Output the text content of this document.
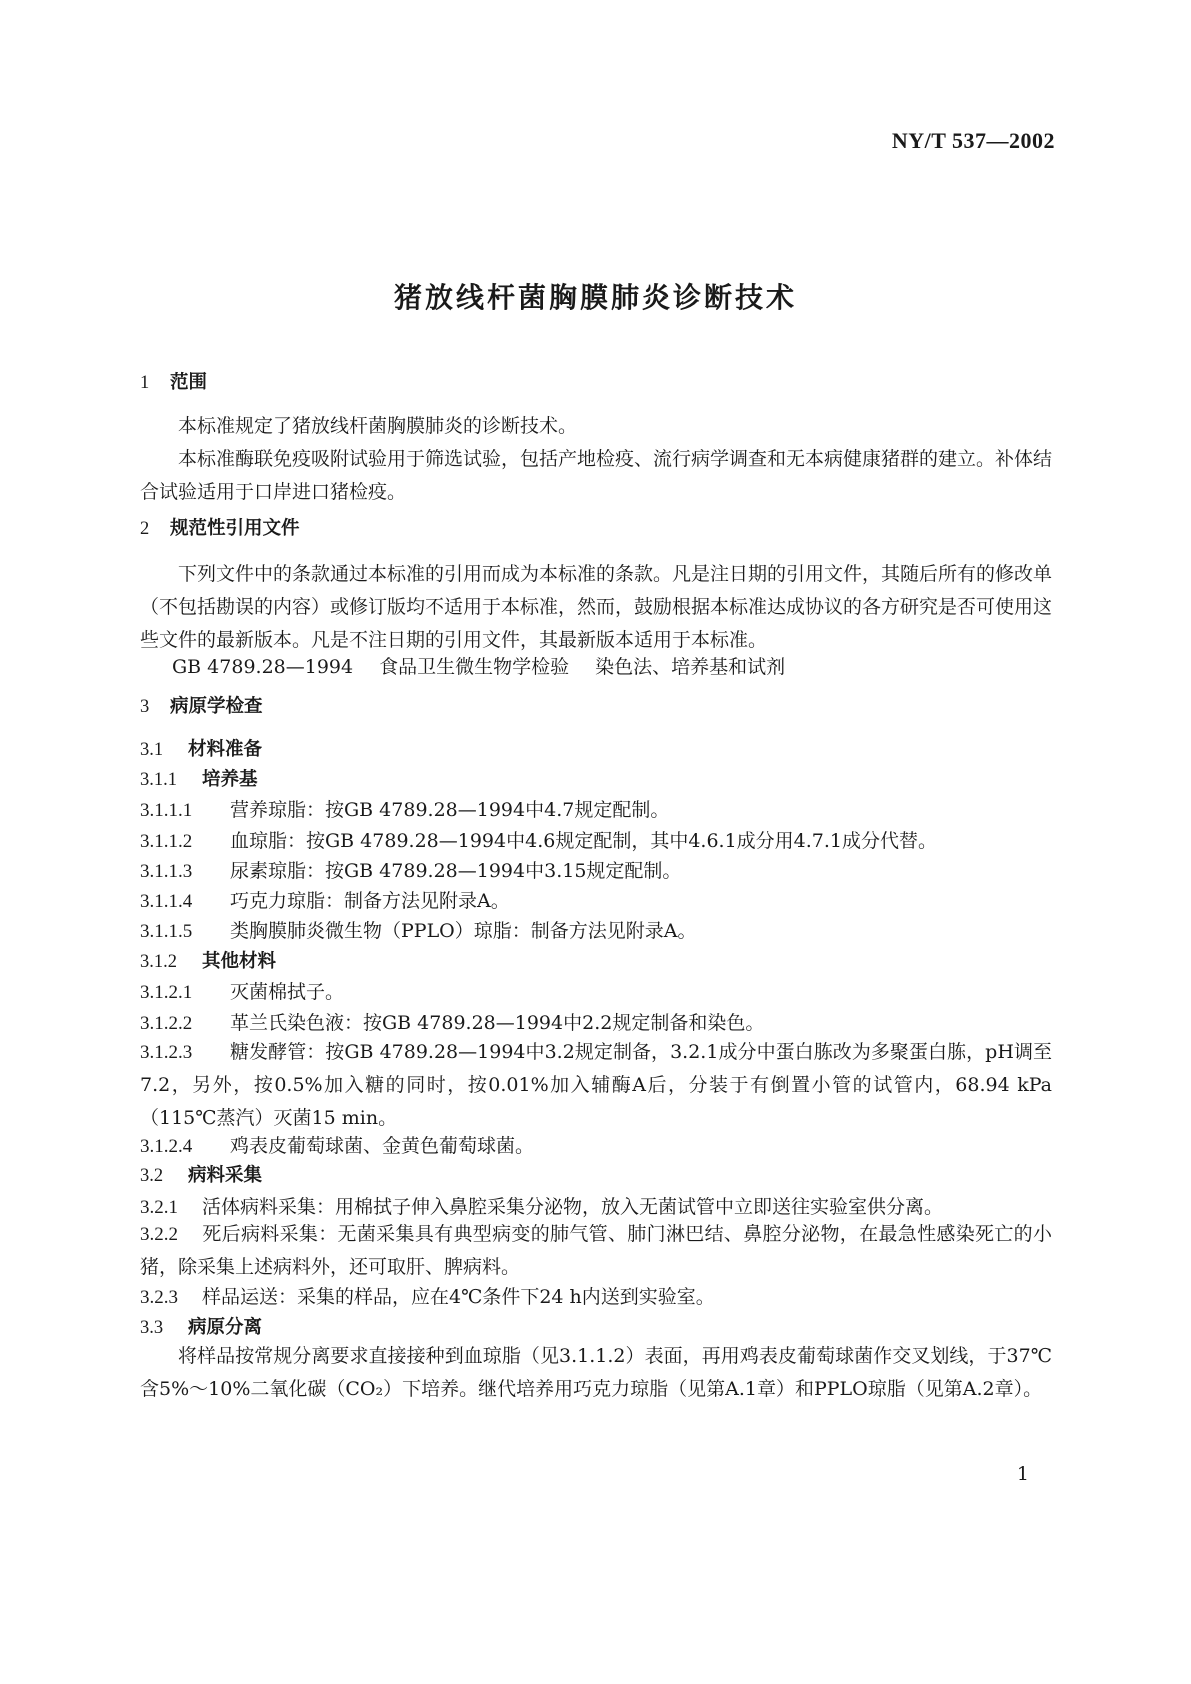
NY/T 537—2002
猪放线杆菌胸膜肺炎诊断技术
1 范围
本标准规定了猪放线杆菌胸膜肺炎的诊断技术。
本标准酶联免疫吸附试验用于筛选试验，包括产地检疫、流行病学调查和无本病健康猪群的建立。补体结合试验适用于口岸进口猪检疫。
2 规范性引用文件
下列文件中的条款通过本标准的引用而成为本标准的条款。凡是注日期的引用文件，其随后所有的修改单（不包括勘误的内容）或修订版均不适用于本标准，然而，鼓励根据本标准达成协议的各方研究是否可使用这些文件的最新版本。凡是不注日期的引用文件，其最新版本适用于本标准。
GB 4789.28—1994 食品卫生微生物学检验 染色法、培养基和试剂
3 病原学检查
3.1 材料准备
3.1.1 培养基
3.1.1.1 营养琼脂：按GB 4789.28—1994中4.7规定配制。
3.1.1.2 血琼脂：按GB 4789.28—1994中4.6规定配制，其中4.6.1成分用4.7.1成分代替。
3.1.1.3 尿素琼脂：按GB 4789.28—1994中3.15规定配制。
3.1.1.4 巧克力琼脂：制备方法见附录A。
3.1.1.5 类胸膜肺炎微生物（PPLO）琼脂：制备方法见附录A。
3.1.2 其他材料
3.1.2.1 灭菌棉拭子。
3.1.2.2 革兰氏染色液：按GB 4789.28—1994中2.2规定制备和染色。
3.1.2.3 糖发酵管：按GB 4789.28—1994中3.2规定制备，3.2.1成分中蛋白胨改为多聚蛋白胨，pH调至7.2，另外，按0.5%加入糖的同时，按0.01%加入辅酶A后，分装于有倒置小管的试管内，68.94 kPa（115℃蒸汽）灭菌15 min。
3.1.2.4 鸡表皮葡萄球菌、金黄色葡萄球菌。
3.2 病料采集
3.2.1 活体病料采集：用棉拭子伸入鼻腔采集分泌物，放入无菌试管中立即送往实验室供分离。
3.2.2 死后病料采集：无菌采集具有典型病变的肺气管、肺门淋巴结、鼻腔分泌物，在最急性感染死亡的小猪，除采集上述病料外，还可取肝、脾病料。
3.2.3 样品运送：采集的样品，应在4℃条件下24 h内送到实验室。
3.3 病原分离
将样品按常规分离要求直接接种到血琼脂（见3.1.1.2）表面，再用鸡表皮葡萄球菌作交叉划线，于37℃含5%～10%二氧化碳（CO₂）下培养。继代培养用巧克力琼脂（见第A.1章）和PPLO琼脂（见第A.2章）。
1
